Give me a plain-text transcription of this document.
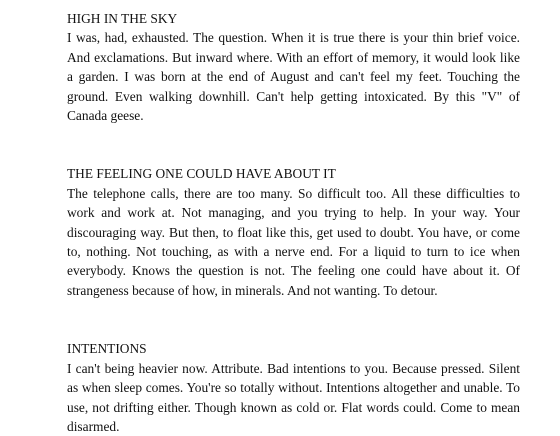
HIGH IN THE SKY

I was, had, exhausted. The question. When it is true there is your thin brief voice. And exclamations. But inward where. With an effort of memory, it would look like a garden. I was born at the end of August and can't feel my feet. Touching the ground. Even walking downhill. Can't help getting intoxicated. By this "V" of Canada geese.

THE FEELING ONE COULD HAVE ABOUT IT

The telephone calls, there are too many. So difficult too. All these difficulties to work and work at. Not managing, and you trying to help. In your way. Your discouraging way. But then, to float like this, get used to doubt. You have, or come to, nothing. Not touching, as with a nerve end. For a liquid to turn to ice when everybody. Knows the question is not. The feeling one could have about it. Of strangeness because of how, in minerals. And not wanting. To detour.

INTENTIONS

I can't being heavier now. Attribute. Bad intentions to you. Because pressed. Silent as when sleep comes. You're so totally without. Intentions altogether and unable. To use, not drifting either. Though known as cold or. Flat words could. Come to mean disarmed.
